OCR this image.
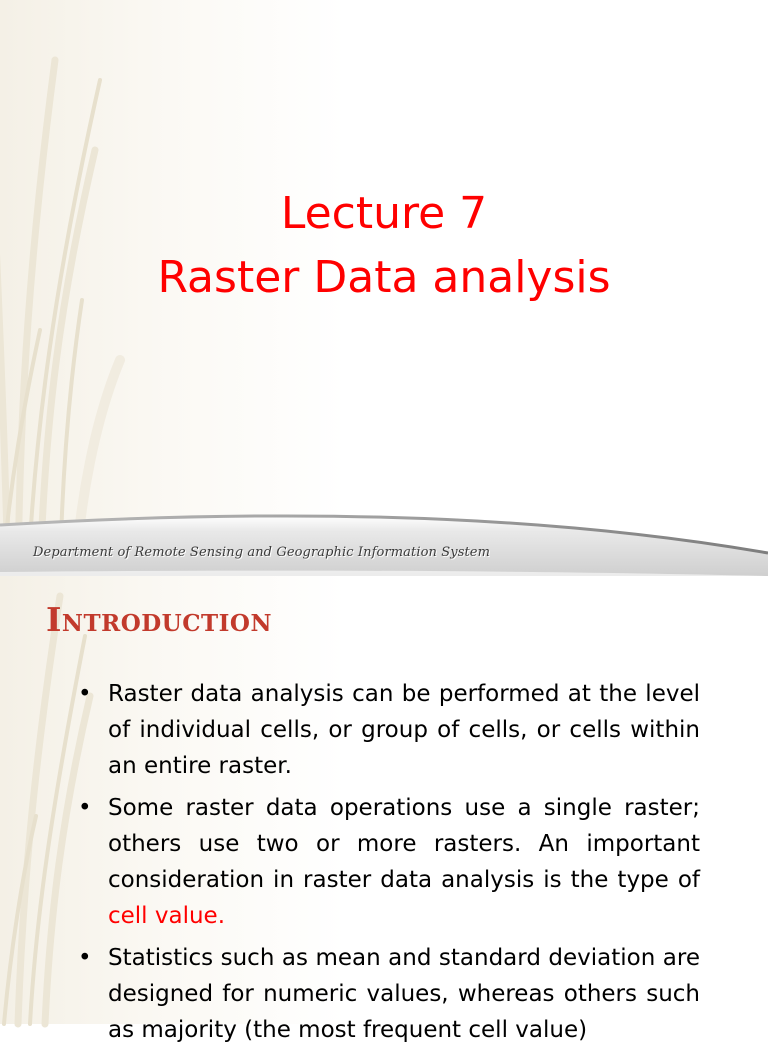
Lecture 7
Raster Data analysis
Department of Remote Sensing and Geographic Information System
Introduction
• Raster data analysis can be performed at the level of individual cells, or group of cells, or cells within an entire raster.
• Some raster data operations use a single raster; others use two or more rasters. An important consideration in raster data analysis is the type of cell value.
• Statistics such as mean and standard deviation are designed for numeric values, whereas others such as majority (the most frequent cell value)
